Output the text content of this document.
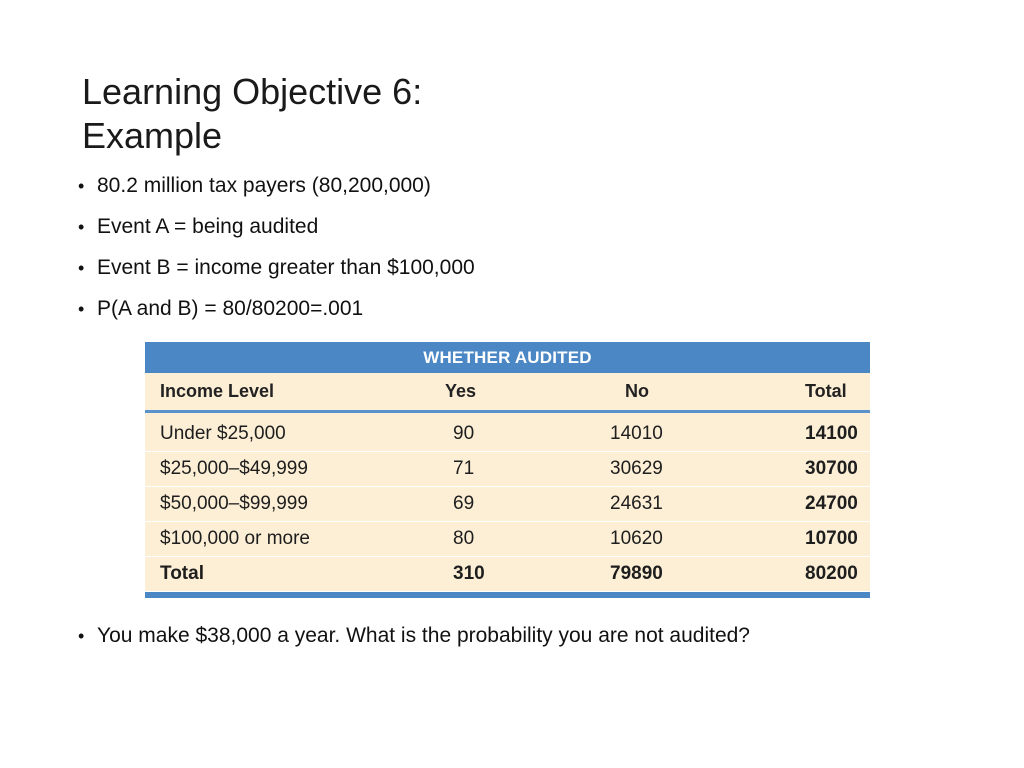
Learning Objective 6:
Example
• 80.2 million tax payers (80,200,000)
• Event A = being audited
• Event B = income greater than $100,000
• P(A and B) = 80/80200=.001
WHETHER AUDITED
Income Level	Yes	No	Total
Under $25,000	90	14010	14100
$25,000–$49,999	71	30629	30700
$50,000–$99,999	69	24631	24700
$100,000 or more	80	10620	10700
Total	310	79890	80200
• You make $38,000 a year. What is the probability you are not audited?
